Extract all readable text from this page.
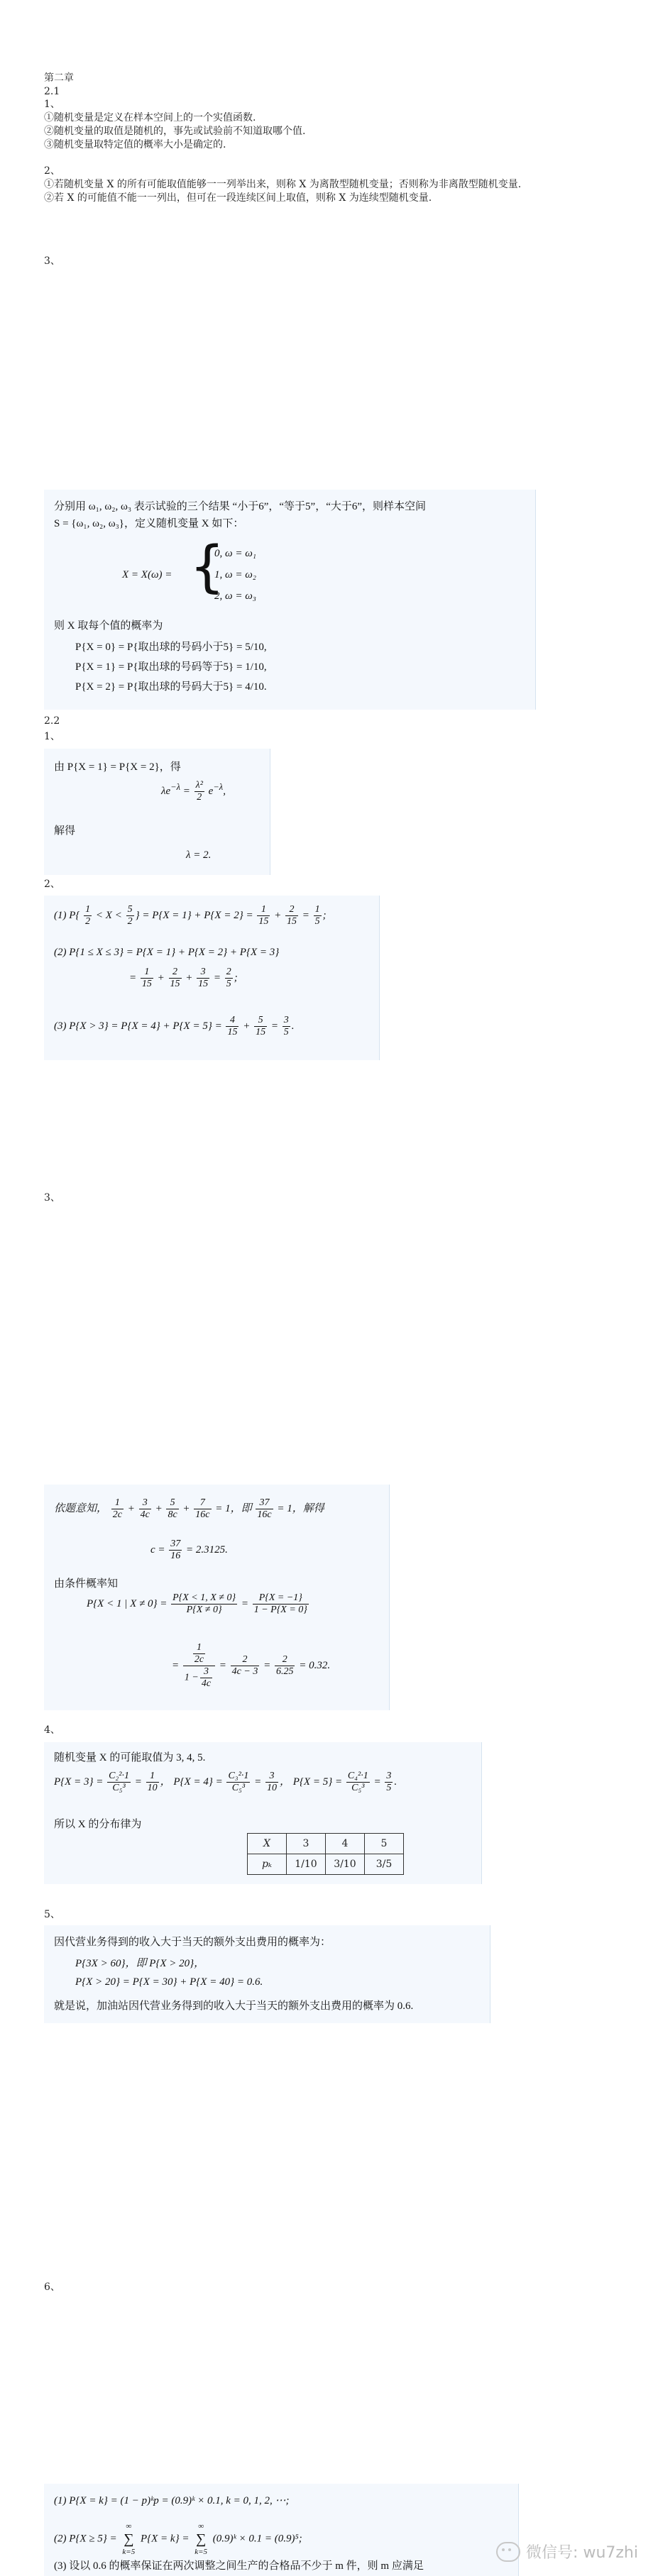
第二章
2.1
1、
①随机变量是定义在样本空间上的一个实值函数.
②随机变量的取值是随机的，事先或试验前不知道取哪个值.
③随机变量取特定值的概率大小是确定的.
2、
①若随机变量 X 的所有可能取值能够一一列举出来，则称 X 为离散型随机变量；否则称为非离散型随机变量.
②若 X 的可能值不能一一列出，但可在一段连续区间上取值，则称 X 为连续型随机变量.
3、
分别用 ω₁, ω₂, ω₃ 表示试验的三个结果 “小于6”，“等于5”，“大于6”，则样本空间
S = {ω₁, ω₂, ω₃}，定义随机变量 X 如下：
X = X(ω) = {
0, ω = ω₁
1, ω = ω₂
2, ω = ω₃
则 X 取每个值的概率为
P{X = 0} = P{取出球的号码小于5} = 5/10,
P{X = 1} = P{取出球的号码等于5} = 1/10,
P{X = 2} = P{取出球的号码大于5} = 4/10.
2.2
1、
由 P{X = 1} = P{X = 2}，得
$\lambda e^{-\lambda} = \frac{\text{λ²}}{2} e^{-\lambda}$,
解得
λ = 2.
2、
(1) $P\{ \frac{1}{2} < X < \frac{5}{2}$ } = $P\{X = 1\} + P\{X = 2\} = \frac{1}{15} + \frac{2}{15} = \frac{1}{5}$ ;
(2) P{1 ≤ X ≤ 3} = P{X = 1} + P{X = 2} + P{X = 3}
= $\frac{1}{15} + \frac{2}{15} + \frac{3}{15} = \frac{2}{5}$ ;
(3) $P\{X > 3\} = P\{X = 4\} + P\{X = 5\} = \frac{4}{15} + \frac{5}{15} = \frac{3}{5}$ .
3、
依题意知， $\frac{1}{2c} + \frac{3}{4c} + \frac{5}{8c} + \frac{7}{16c} = 1$，即 $\frac{37}{16c} = 1$，解得
$c = \frac{37}{16} = 2.3125$.
由条件概率知
P{X < 1 | $X \ne 0\} = \frac{P\{X < 1, X \ne 0\}}{P\{X \ne 0\}} = \frac{P\{X = -1\}}{1 - P\{X = 0\}}$
= $\frac{\frac{1}{2c}}{1 - \frac{3}{4c}} = \frac{2}{4c - 3} = \frac{2}{6.25} = 0.32$.
4、
随机变量 X 的可能取值为 3, 4, 5.
$P\{X = 3\} = \frac{\text{C₂²·1}}{\text{C₅³}} = \frac{1}{10}$ ， $P\{X = 4\} = \frac{\text{C₃²·1}}{\text{C₅³}} = \frac{3}{10}$ ， $P\{X = 5\} = \frac{\text{C₄²·1}}{\text{C₅³}} = \frac{3}{5}$ .
所以 X 的分布律为
X	3	4	5
pₖ	1/10	3/10	3/5
5、
因代营业务得到的收入大于当天的额外支出费用的概率为：
P{3X > 60}，即 P{X > 20}，
P{X > 20} = P{X = 30} + P{X = 40} = 0.6.
就是说，加油站因代营业务得到的收入大于当天的额外支出费用的概率为 0.6.
6、
(1) P{X = k} = (1 − p)ᵏp = (0.9)ᵏ × 0.1, k = 0, 1, 2, ⋯;
(2) P{X ≥ 5} =
∞
∑
k=5
P{X = k} =
∞
∑
k=5
(0.9)ᵏ × 0.1 = (0.9)⁵;
(3) 设以 0.6 的概率保证在两次调整之间生产的合格品不少于 m 件，则 m 应满足
微信号: wu7zhi
